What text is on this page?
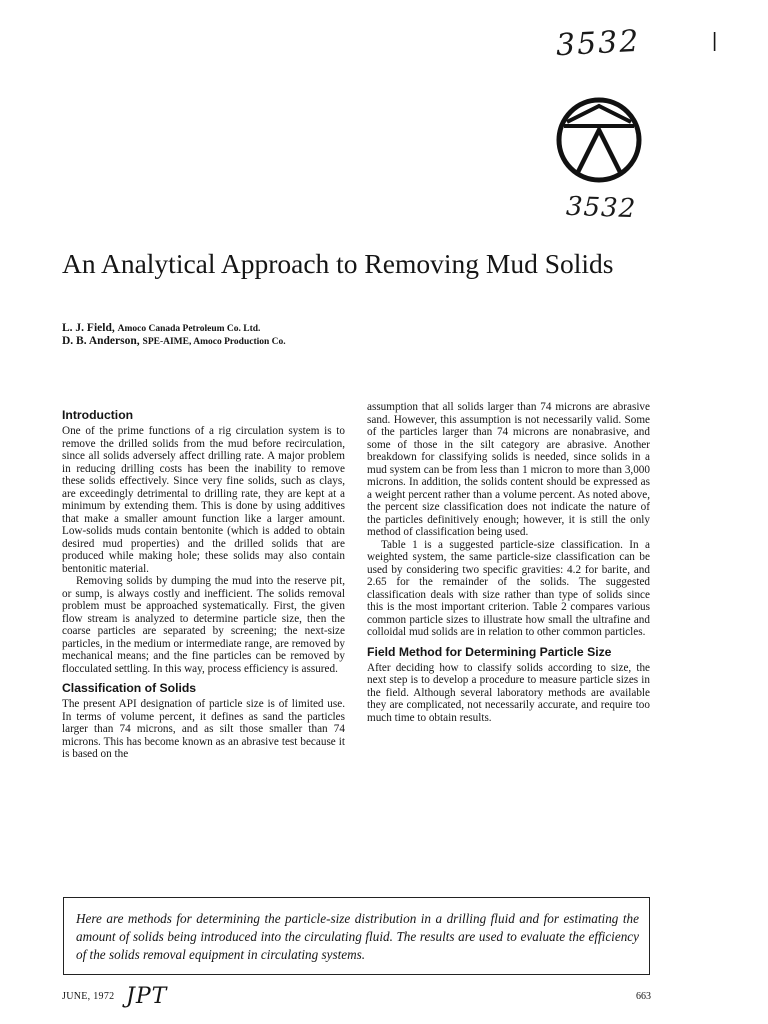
3532	|
3532
An Analytical Approach to Removing Mud Solids
L. J. Field, Amoco Canada Petroleum Co. Ltd.
D. B. Anderson, SPE-AIME, Amoco Production Co.
Introduction

One of the prime functions of a rig circulation system is to remove the drilled solids from the mud before recirculation, since all solids adversely affect drilling rate. A major problem in reducing drilling costs has been the inability to remove these solids effectively. Since very fine solids, such as clays, are exceedingly detrimental to drilling rate, they are kept at a minimum by extending them. This is done by using additives that make a smaller amount function like a larger amount. Low-solids muds contain bentonite (which is added to obtain desired mud properties) and the drilled solids that are produced while making hole; these solids may also contain bentonitic material.

Removing solids by dumping the mud into the reserve pit, or sump, is always costly and inefficient. The solids removal problem must be approached systematically. First, the given flow stream is analyzed to determine particle size, then the coarse particles are separated by screening; the next-size particles, in the medium or intermediate range, are removed by mechanical means; and the fine particles can be removed by flocculated settling. In this way, process efficiency is assured.

Classification of Solids

The present API designation of particle size is of limited use. In terms of volume percent, it defines as sand the particles larger than 74 microns, and as silt those smaller than 74 microns. This has become known as an abrasive test because it is based on the

assumption that all solids larger than 74 microns are abrasive sand. However, this assumption is not necessarily valid. Some of the particles larger than 74 microns are nonabrasive, and some of those in the silt category are abrasive. Another breakdown for classifying solids is needed, since solids in a mud system can be from less than 1 micron to more than 3,000 microns. In addition, the solids content should be expressed as a weight percent rather than a volume percent. As noted above, the percent size classification does not indicate the nature of the particles definitively enough; however, it is still the only method of classification being used.

Table 1 is a suggested particle-size classification. In a weighted system, the same particle-size classification can be used by considering two specific gravities: 4.2 for barite, and 2.65 for the remainder of the solids. The suggested classification deals with size rather than type of solids since this is the most important criterion. Table 2 compares various common particle sizes to illustrate how small the ultrafine and colloidal mud solids are in relation to other common particles.

Field Method for Determining Particle Size

After deciding how to classify solids according to size, the next step is to develop a procedure to measure particle sizes in the field. Although several laboratory methods are available they are complicated, not necessarily accurate, and require too much time to obtain results.

Here are methods for determining the particle-size distribution in a drilling fluid and for estimating the amount of solids being introduced into the circulating fluid. The results are used to evaluate the efficiency of the solids removal equipment in circulating systems.

JUNE, 1972 JPT	663
